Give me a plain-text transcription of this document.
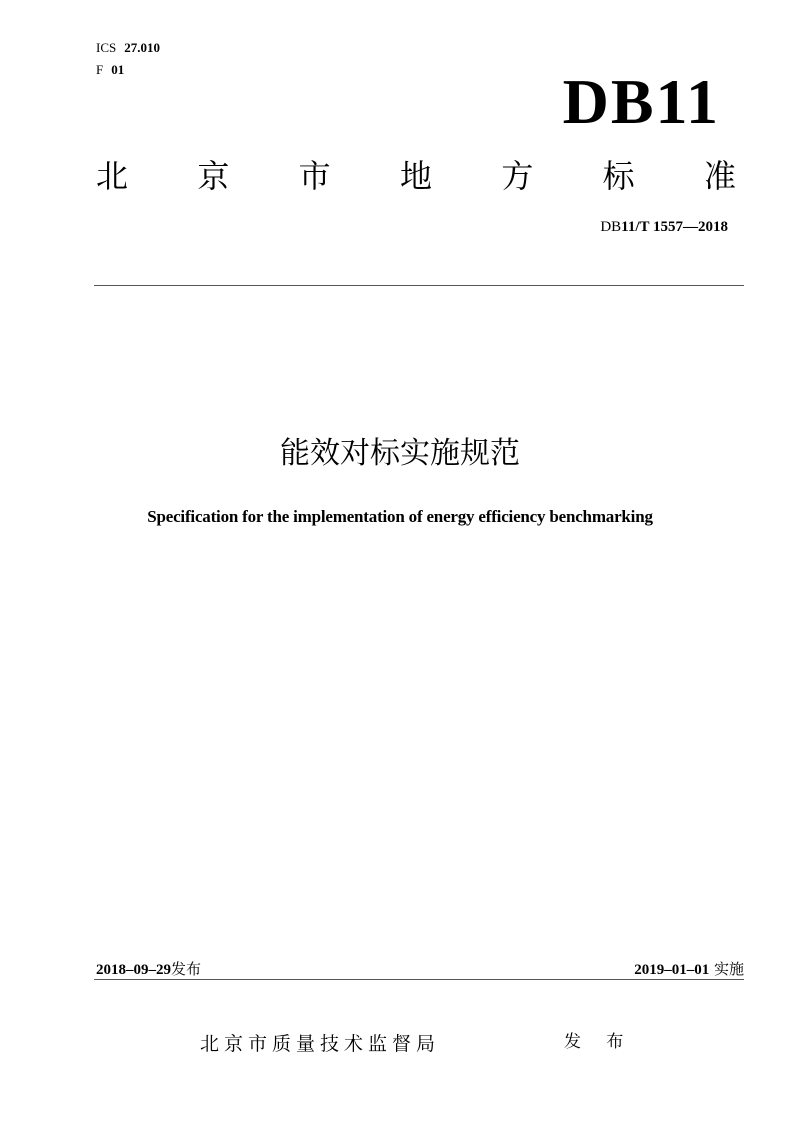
ICS 27.010
F 01	DB11
北 京 市 地 方 标 准
DB11/T 1557—2018
能效对标实施规范
Specification for the implementation of energy efficiency benchmarking
2018–09–29发布	2019–01–01 实施
北京市质量技术监督局	发 布
